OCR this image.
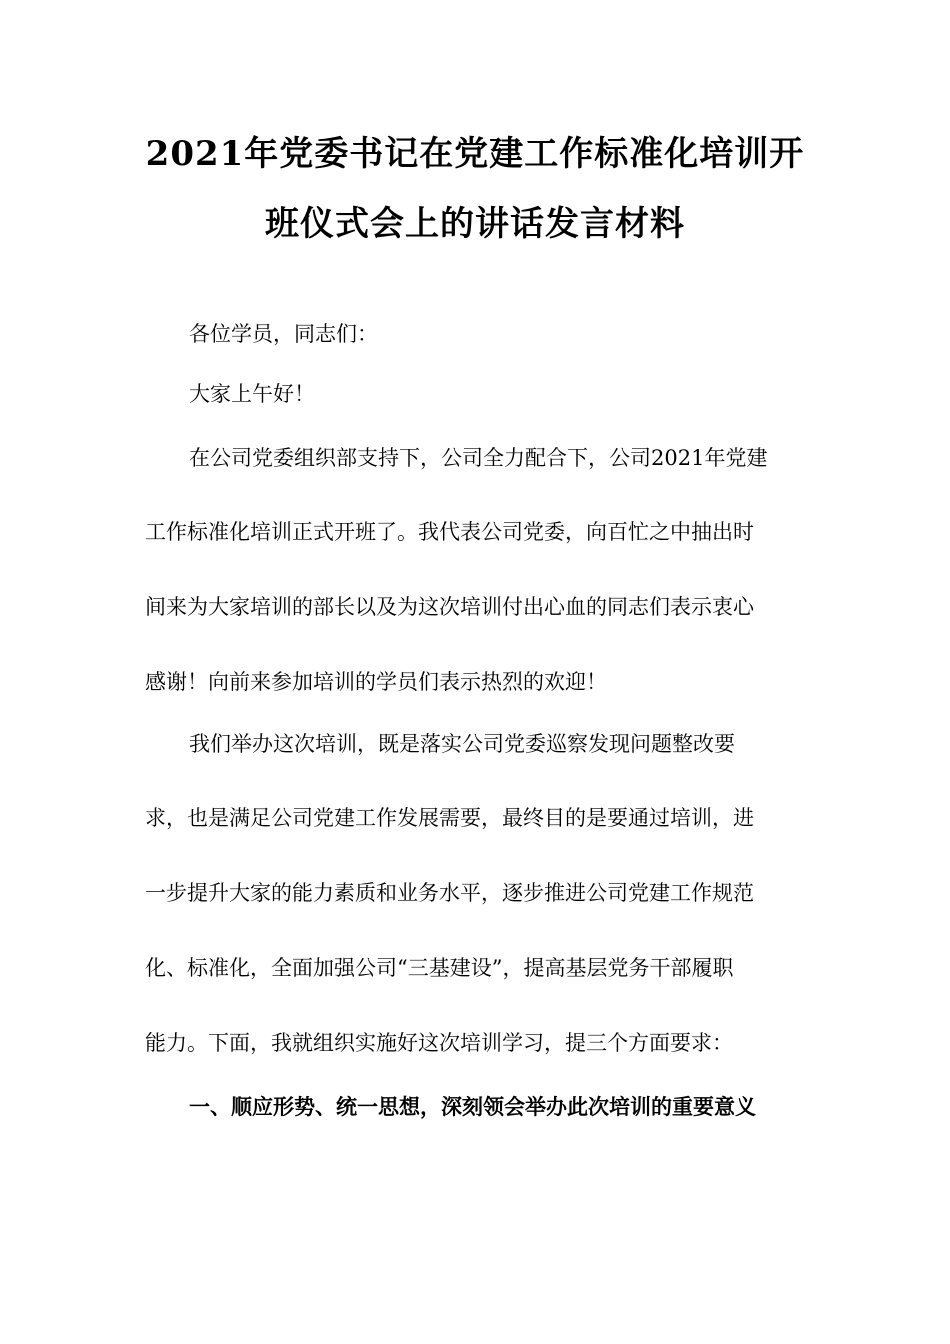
2021年党委书记在党建工作标准化培训开
班仪式会上的讲话发言材料
各位学员，同志们：
大家上午好！
在公司党委组织部支持下，公司全力配合下，公司2021年党建
工作标准化培训正式开班了。我代表公司党委，向百忙之中抽出时
间来为大家培训的部长以及为这次培训付出心血的同志们表示衷心
感谢！向前来参加培训的学员们表示热烈的欢迎！
我们举办这次培训，既是落实公司党委巡察发现问题整改要
求，也是满足公司党建工作发展需要，最终目的是要通过培训，进
一步提升大家的能力素质和业务水平，逐步推进公司党建工作规范
化、标准化，全面加强公司“三基建设”，提高基层党务干部履职
能力。下面，我就组织实施好这次培训学习，提三个方面要求：
一、顺应形势、统一思想，深刻领会举办此次培训的重要意义
